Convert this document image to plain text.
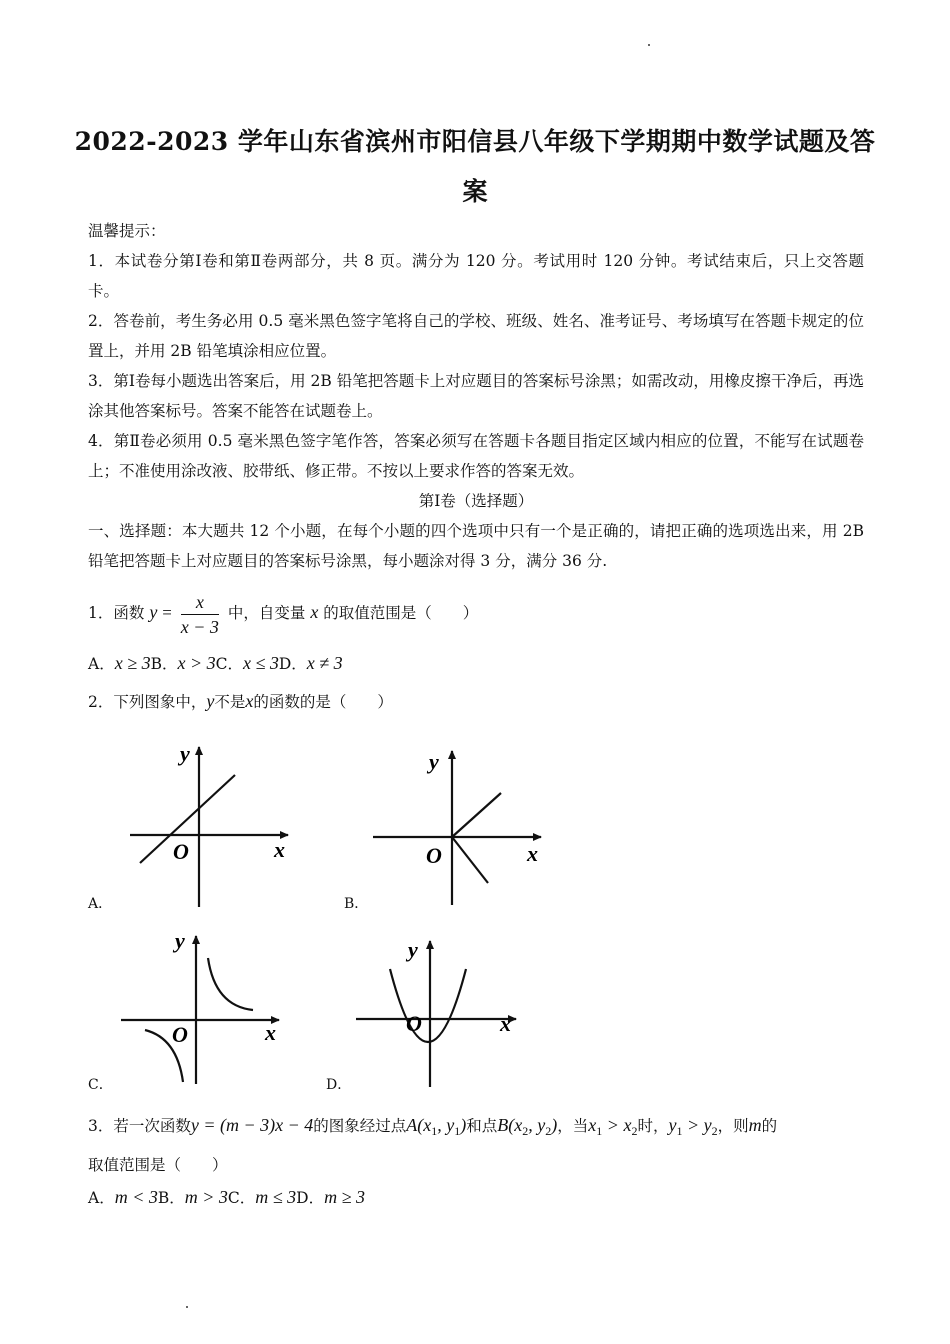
2022-2023 学年山东省滨州市阳信县八年级下学期期中数学试题及答
案
温馨提示：
1．本试卷分第Ⅰ卷和第Ⅱ卷两部分，共 8 页。满分为 120 分。考试用时 120 分钟。考试结束后，只上交答题卡。
2．答卷前，考生务必用 0.5 毫米黑色签字笔将自己的学校、班级、姓名、准考证号、考场填写在答题卡规定的位置上，并用 2B 铅笔填涂相应位置。
3．第Ⅰ卷每小题选出答案后，用 2B 铅笔把答题卡上对应题目的答案标号涂黑；如需改动，用橡皮擦干净后，再选涂其他答案标号。答案不能答在试题卷上。
4．第Ⅱ卷必须用 0.5 毫米黑色签字笔作答，答案必须写在答题卡各题目指定区域内相应的位置，不能写在试题卷上；不准使用涂改液、胶带纸、修正带。不按以上要求作答的答案无效。
第Ⅰ卷（选择题）
一、选择题：本大题共 12 个小题，在每个小题的四个选项中只有一个是正确的，请把正确的选项选出来，用 2B 铅笔把答题卡上对应题目的答案标号涂黑，每小题涂对得 3 分，满分 36 分.
1．函数 $y = \frac{x}{x - 3}$ 中，自变量 x 的取值范围是（　　）
A．x ≥ 3B．x > 3C．x ≤ 3D．x ≠ 3
2．下列图象中，y不是x的函数的是（　　）
y
x
O
A．
y
x
O
B．
y
x
O
C．
y
x
O
D．
3．若一次函数y = (m − 3)x − 4的图象经过点$A(x_1$, $y_1$)和点$B(x_2$, $y_2$)，当$x_1 > x_2$时，$y_1 > y_2$，则m的
取值范围是（　　）
A．m < 3B．m > 3C．m ≤ 3D．m ≥ 3
